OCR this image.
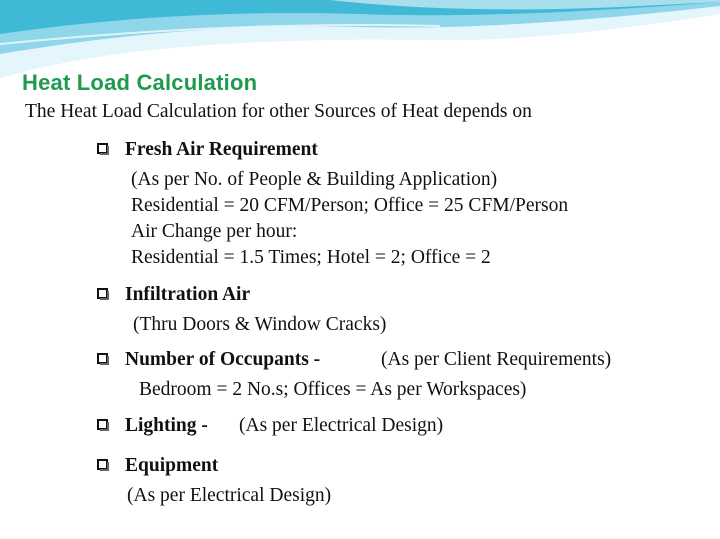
Heat Load Calculation
The Heat Load Calculation for other Sources of Heat depends on
Fresh Air Requirement
(As per No. of People & Building Application)
Residential = 20 CFM/Person; Office = 25 CFM/Person
Air Change per hour:
Residential = 1.5 Times; Hotel = 2; Office = 2
Infiltration Air
(Thru Doors & Window Cracks)
Number of Occupants -	(As per Client Requirements)
Bedroom = 2 No.s; Offices = As per Workspaces)
Lighting - (As per Electrical Design)
Equipment
(As per Electrical Design)
